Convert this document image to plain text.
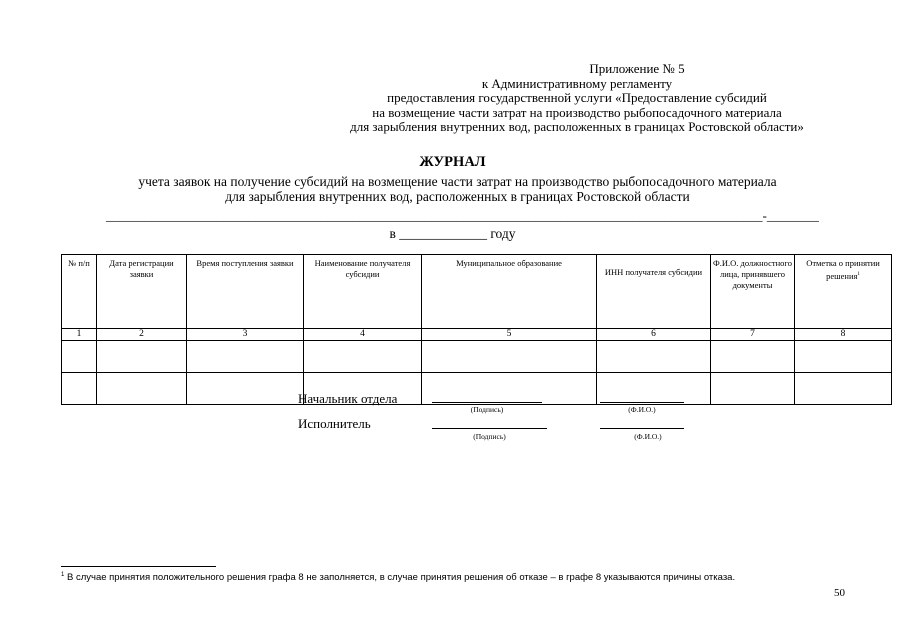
Приложение № 5
к Административному регламенту
предоставления государственной услуги «Предоставление субсидий
на возмещение части затрат на производство рыбопосадочного материала
для зарыбления внутренних вод, расположенных в границах Ростовской области»
ЖУРНАЛ
учета заявок на получение субсидий на возмещение части затрат на производство рыбопосадочного материала
для зарыбления внутренних вод, расположенных в границах Ростовской области
_____________________________________________________________________________________________________-________
в _____________ году
№ п/п	Дата регистрации заявки	Время поступления заявки	Наименование получателя субсидии	Муниципальное образование	ИНН получателя субсидии	Ф.И.О. должностного лица, принявшего документы	Отметка о принятии решения$^1$
1	2	3	4	5	6	7	8

Начальник отдела
(Подпись)	(Ф.И.О.)
Исполнитель
(Подпись)	(Ф.И.О.)
$^1$ В случае принятия положительного решения графа 8 не заполняется, в случае принятия решения об отказе – в графе 8 указываются причины отказа.
50
